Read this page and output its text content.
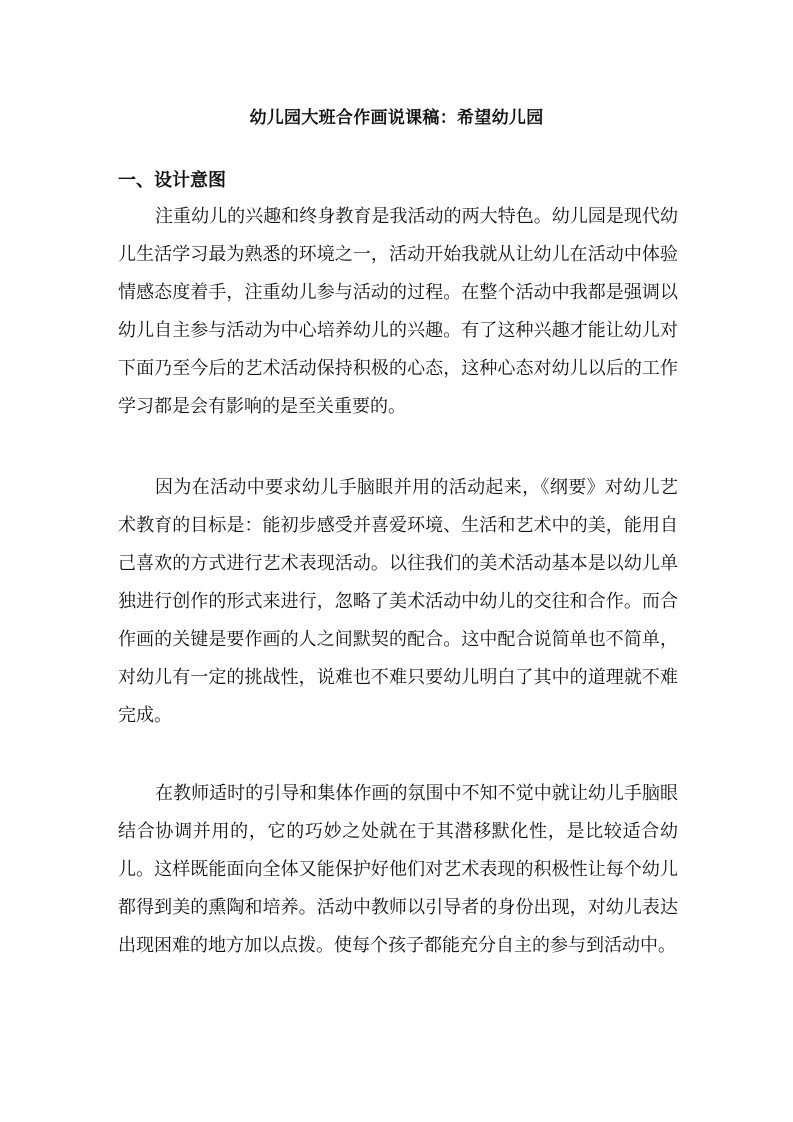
幼儿园大班合作画说课稿：希望幼儿园
一、设计意图

注重幼儿的兴趣和终身教育是我活动的两大特色。幼儿园是现代幼儿生活学习最为熟悉的环境之一，活动开始我就从让幼儿在活动中体验情感态度着手，注重幼儿参与活动的过程。在整个活动中我都是强调以幼儿自主参与活动为中心培养幼儿的兴趣。有了这种兴趣才能让幼儿对下面乃至今后的艺术活动保持积极的心态，这种心态对幼儿以后的工作学习都是会有影响的是至关重要的。

因为在活动中要求幼儿手脑眼并用的活动起来，《纲要》对幼儿艺术教育的目标是：能初步感受并喜爱环境、生活和艺术中的美，能用自己喜欢的方式进行艺术表现活动。以往我们的美术活动基本是以幼儿单独进行创作的形式来进行，忽略了美术活动中幼儿的交往和合作。而合作画的关键是要作画的人之间默契的配合。这中配合说简单也不简单，对幼儿有一定的挑战性，说难也不难只要幼儿明白了其中的道理就不难完成。

在教师适时的引导和集体作画的氛围中不知不觉中就让幼儿手脑眼结合协调并用的，它的巧妙之处就在于其潜移默化性，是比较适合幼儿。这样既能面向全体又能保护好他们对艺术表现的积极性让每个幼儿都得到美的熏陶和培养。活动中教师以引导者的身份出现，对幼儿表达出现困难的地方加以点拨。使每个孩子都能充分自主的参与到活动中。
